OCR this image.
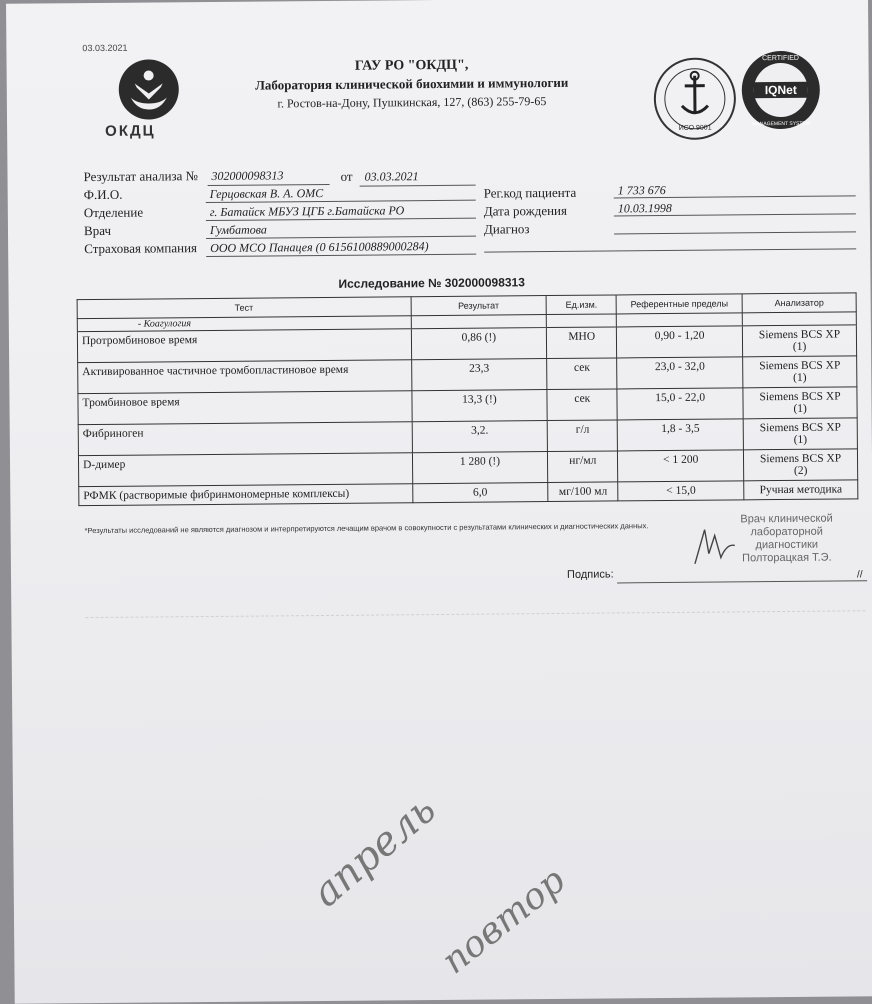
03.03.2021
ОКДЦ
ГАУ РО "ОКДЦ",
Лаборатория клинической биохимии и иммунологии
г. Ростов-на-Дону, Пушкинская, 127, (863) 255-79-65
ИСО 9001
IQNet
CERTIFIED
MANAGEMENT SYSTEM
Результат анализа № 302000098313	от 03.03.2021
Ф.И.О.	Герцовская В. А. ОМС
Отделение	г. Батайск МБУЗ ЦГБ г.Батайска РО
Врач	Гумбатова
Страховая компания ООО МСО Панацея (0 6156100889000284)
Рег.код пациента	1 733 676
Дата рождения	10.03.1998
Диагноз
Исследование № 302000098313
Тест	Результат	Ед.изм.	Референтные пределы	Анализатор
- Коагулогия				
Протромбиновое время	0,86 (!)	МНО	0,90 - 1,20	Siemens BCS XP
(1)
Активированное частичное тромбопластиновое время	23,3	сек	23,0 - 32,0	Siemens BCS XP
(1)
Тромбиновое время	13,3 (!)	сек	15,0 - 22,0	Siemens BCS XP
(1)
Фибриноген	3,2.	г/л	1,8 - 3,5	Siemens BCS XP
(1)
D-димер	1 280 (!)	нг/мл	< 1 200	Siemens BCS XP
(2)
РФМК (растворимые фибринмономерные комплексы)	6,0	мг/100 мл	< 15,0	Ручная методика
*Результаты исследований не являются диагнозом и интерпретируются лечащим врачом в совокупности с результатами клинических и диагностических данных.
Врач клинической
лабораторной
диагностики
Полторацкая Т.Э.
Подпись:	//
апрель
повтор
